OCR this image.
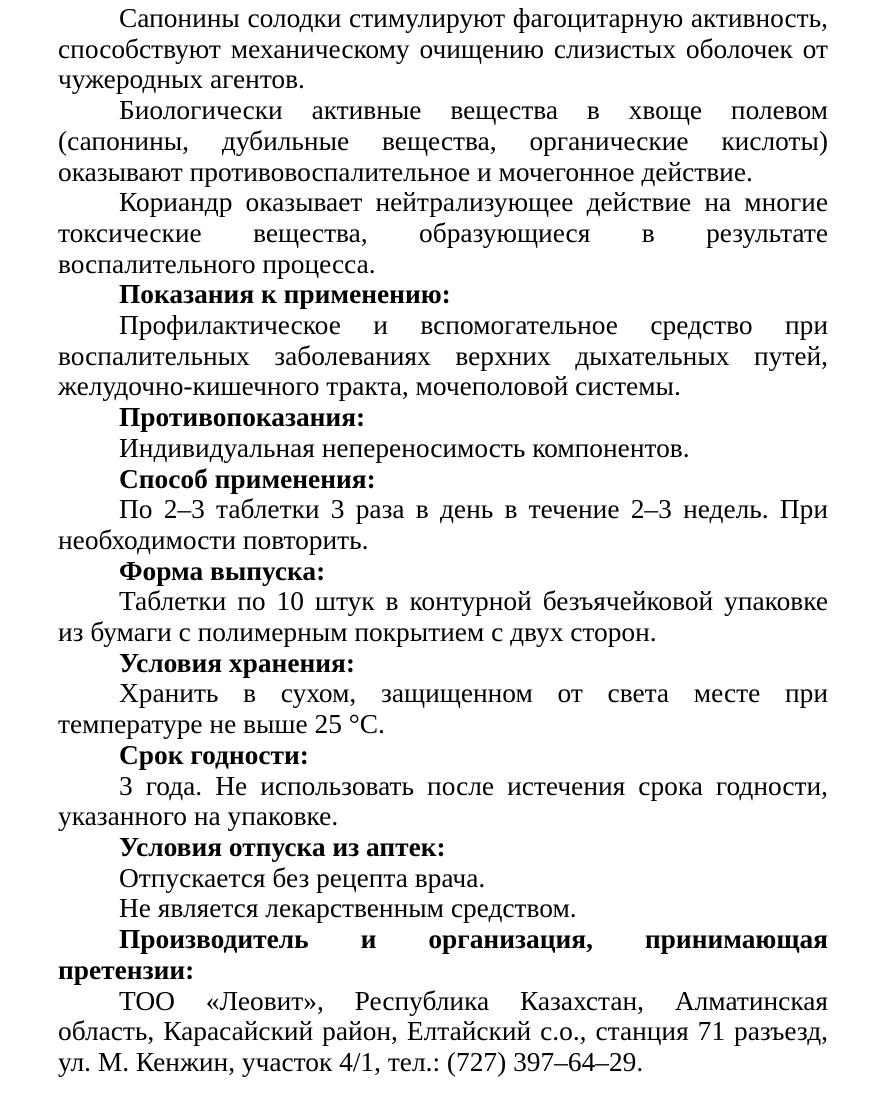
Сапонины солодки стимулируют фагоцитарную активность, способствуют механическому очищению слизистых оболочек от чужеродных агентов.

Биологически активные вещества в хвоще полевом (сапонины, дубильные вещества, органические кислоты) оказывают противовоспалительное и мочегонное действие.

Кориандр оказывает нейтрализующее действие на многие токсические вещества, образующиеся в результате воспалительного процесса.

Показания к применению:

Профилактическое и вспомогательное средство при воспалительных заболеваниях верхних дыхательных путей, желудочно-кишечного тракта, мочеполовой системы.

Противопоказания:

Индивидуальная непереносимость компонентов.

Способ применения:

По 2–3 таблетки 3 раза в день в течение 2–3 недель. При необходимости повторить.

Форма выпуска:

Таблетки по 10 штук в контурной безъячейковой упаковке из бумаги с полимерным покрытием с двух сторон.

Условия хранения:

Хранить в сухом, защищенном от света месте при температуре не выше 25 °С.

Срок годности:

3 года. Не использовать после истечения срока годности, указанного на упаковке.

Условия отпуска из аптек:

Отпускается без рецепта врача.

Не является лекарственным средством.

Производитель и организация, принимающая претензии:

ТОО «Леовит», Республика Казахстан, Алматинская область, Карасайский район, Елтайский с.о., станция 71 разъезд, ул. М. Кенжин, участок 4/1, тел.: (727) 397–64–29.
